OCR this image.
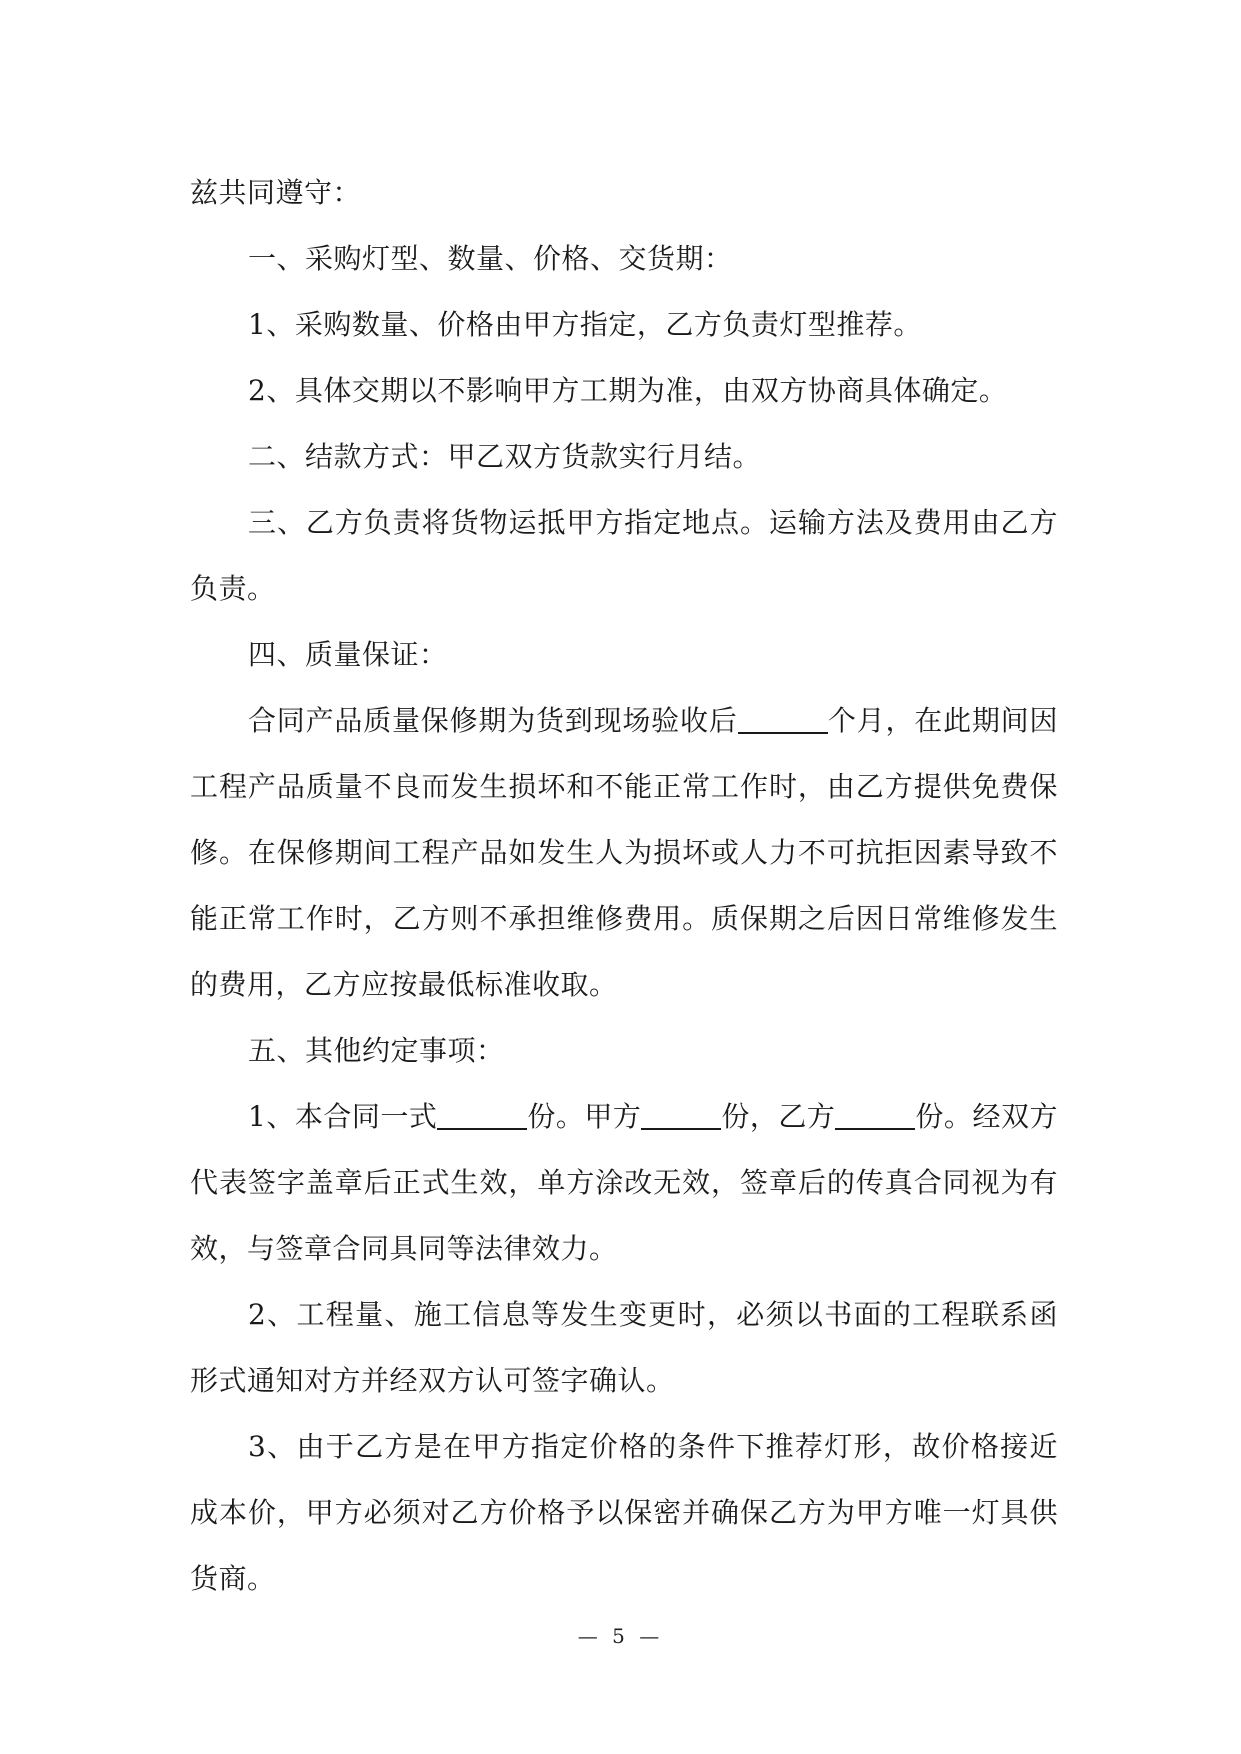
兹共同遵守：

一、采购灯型、数量、价格、交货期：

1、采购数量、价格由甲方指定，乙方负责灯型推荐。

2、具体交期以不影响甲方工期为准，由双方协商具体确定。

二、结款方式：甲乙双方货款实行月结。

三、乙方负责将货物运抵甲方指定地点。运输方法及费用由乙方负责。

四、质量保证：

合同产品质量保修期为货到现场验收后	个月，在此期间因工程产品质量不良而发生损坏和不能正常工作时，由乙方提供免费保修。在保修期间工程产品如发生人为损坏或人力不可抗拒因素导致不能正常工作时，乙方则不承担维修费用。质保期之后因日常维修发生的费用，乙方应按最低标准收取。

五、其他约定事项：

1、本合同一式	份。甲方	份，乙方	份。经双方代表签字盖章后正式生效，单方涂改无效，签章后的传真合同视为有效，与签章合同具同等法律效力。

2、工程量、施工信息等发生变更时，必须以书面的工程联系函形式通知对方并经双方认可签字确认。

3、由于乙方是在甲方指定价格的条件下推荐灯形，故价格接近成本价，甲方必须对乙方价格予以保密并确保乙方为甲方唯一灯具供货商。

— 5 —
